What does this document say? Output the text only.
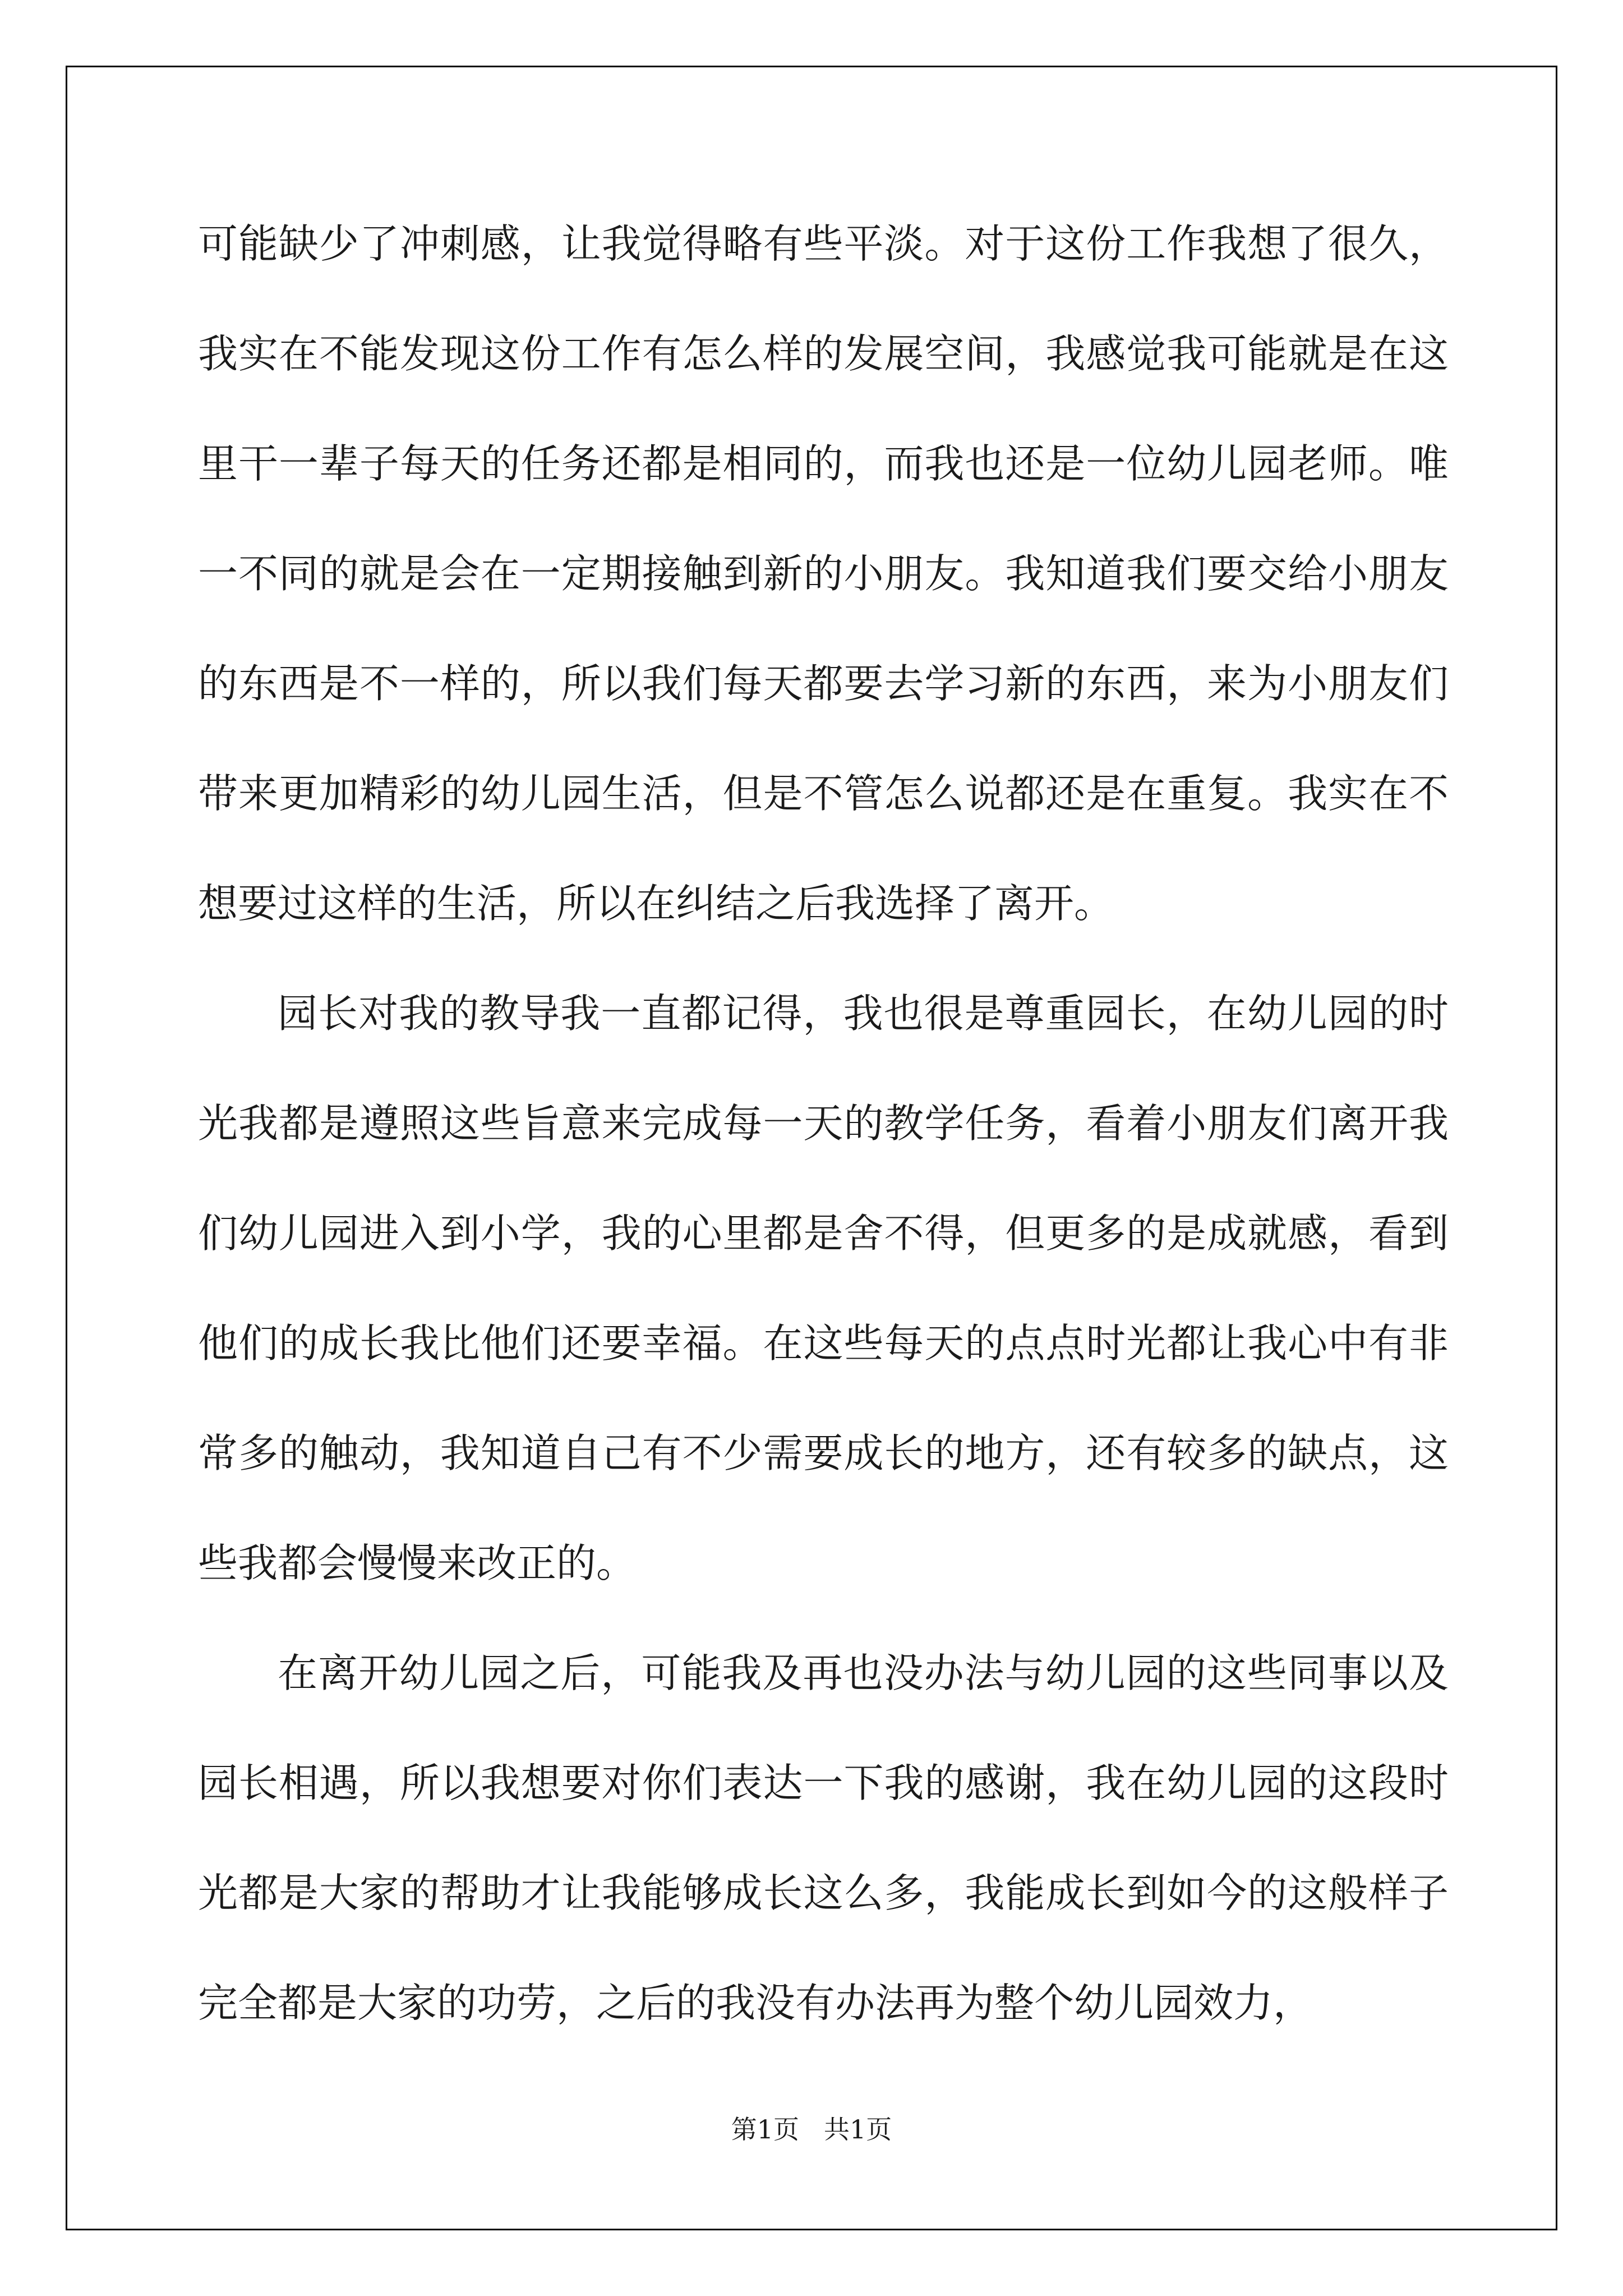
可能缺少了冲刺感，让我觉得略有些平淡。对于这份工作我想了很久，我实在不能发现这份工作有怎么样的发展空间，我感觉我可能就是在这里干一辈子每天的任务还都是相同的，而我也还是一位幼儿园老师。唯一不同的就是会在一定期接触到新的小朋友。我知道我们要交给小朋友的东西是不一样的，所以我们每天都要去学习新的东西，来为小朋友们带来更加精彩的幼儿园生活，但是不管怎么说都还是在重复。我实在不想要过这样的生活，所以在纠结之后我选择了离开。

园长对我的教导我一直都记得，我也很是尊重园长，在幼儿园的时光我都是遵照这些旨意来完成每一天的教学任务，看着小朋友们离开我们幼儿园进入到小学，我的心里都是舍不得，但更多的是成就感，看到他们的成长我比他们还要幸福。在这些每天的点点时光都让我心中有非常多的触动，我知道自己有不少需要成长的地方，还有较多的缺点，这些我都会慢慢来改正的。

在离开幼儿园之后，可能我及再也没办法与幼儿园的这些同事以及园长相遇，所以我想要对你们表达一下我的感谢，我在幼儿园的这段时光都是大家的帮助才让我能够成长这么多，我能成长到如今的这般样子完全都是大家的功劳，之后的我没有办法再为整个幼儿园效力，

第1页 共1页
